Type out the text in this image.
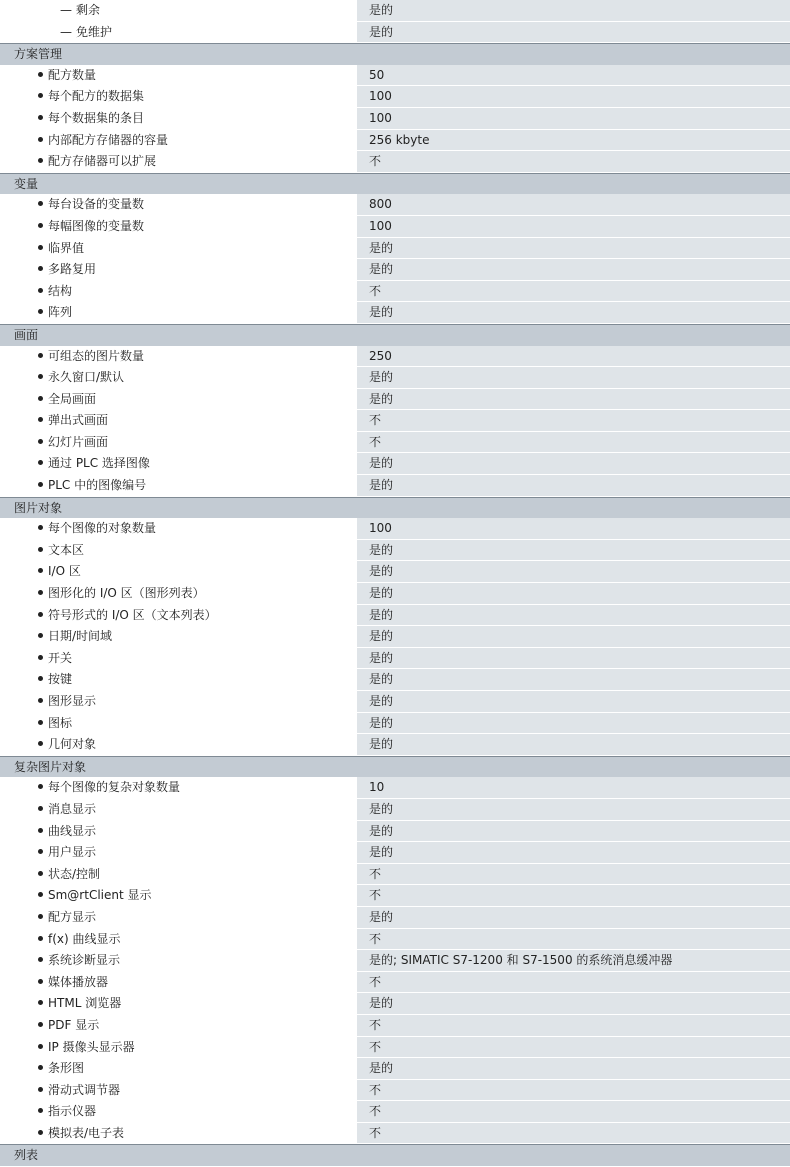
— 剩余	是的
— 免维护	是的
方案管理
配方数量	50
每个配方的数据集	100
每个数据集的条目	100
内部配方存储器的容量	256 kbyte
配方存储器可以扩展	不
变量
每台设备的变量数	800
每幅图像的变量数	100
临界值	是的
多路复用	是的
结构	不
阵列	是的
画面
可组态的图片数量	250
永久窗口/默认	是的
全局画面	是的
弹出式画面	不
幻灯片画面	不
通过 PLC 选择图像	是的
PLC 中的图像编号	是的
图片对象
每个图像的对象数量	100
文本区	是的
I/O 区	是的
图形化的 I/O 区（图形列表）	是的
符号形式的 I/O 区（文本列表）	是的
日期/时间域	是的
开关	是的
按键	是的
图形显示	是的
图标	是的
几何对象	是的
复杂图片对象
每个图像的复杂对象数量	10
消息显示	是的
曲线显示	是的
用户显示	是的
状态/控制	不
Sm@rtClient 显示	不
配方显示	是的
f(x) 曲线显示	不
系统诊断显示	是的; SIMATIC S7-1200 和 S7-1500 的系统消息缓冲器
媒体播放器	不
HTML 浏览器	是的
PDF 显示	不
IP 摄像头显示器	不
条形图	是的
滑动式调节器	不
指示仪器	不
模拟表/电子表	不
列表
